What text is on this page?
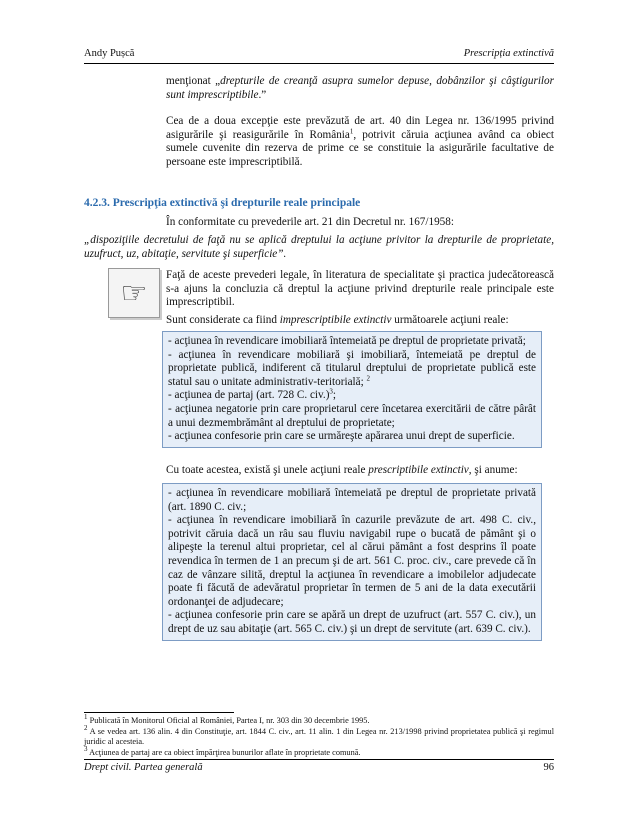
Andy Pușcă	Prescripția extinctivă

menţionat „drepturile de creanţă asupra sumelor depuse, dobânzilor şi câştigurilor sunt imprescriptibile.”

Cea de a doua excepţie este prevăzută de art. 40 din Legea nr. 136/1995 privind asigurările şi reasigurările în România$^1$, potrivit căruia acţiunea având ca obiect sumele cuvenite din rezerva de prime ce se constituie la asigurările facultative de persoane este imprescriptibilă.

4.2.3. Prescripţia extinctivă şi drepturile reale principale

În conformitate cu prevederile art. 21 din Decretul nr. 167/1958:

„dispoziţiile decretului de faţă nu se aplică dreptului la acţiune privitor la drepturile de proprietate, uzufruct, uz, abitaţie, servitute şi superficie”.

☞

Faţă de aceste prevederi legale, în literatura de specialitate şi practica judecătorească s-a ajuns la concluzia că dreptul la acţiune privind drepturile reale principale este imprescriptibil.

Sunt considerate ca fiind imprescriptibile extinctiv următoarele acţiuni reale:

- acţiunea în revendicare imobiliară întemeiată pe dreptul de proprietate privată;
- acţiunea în revendicare mobiliară şi imobiliară, întemeiată pe dreptul de proprietate publică, indiferent că titularul dreptului de proprietate publică este statul sau o unitate administrativ-teritorială; $^2$
- acţiunea de partaj (art. 728 C. civ.)$^3$;
- acţiunea negatorie prin care proprietarul cere încetarea exercitării de către pârât a unui dezmembrământ al dreptului de proprietate;
- acţiunea confesorie prin care se urmăreşte apărarea unui drept de superficie.

Cu toate acestea, există şi unele acţiuni reale prescriptibile extinctiv, şi anume:

- acţiunea în revendicare mobiliară întemeiată pe dreptul de proprietate privată (art. 1890 C. civ.;
- acţiunea în revendicare imobiliară în cazurile prevăzute de art. 498 C. civ., potrivit căruia dacă un râu sau fluviu navigabil rupe o bucată de pământ şi o alipeşte la terenul altui proprietar, cel al cărui pământ a fost desprins îl poate revendica în termen de 1 an precum şi de art. 561 C. proc. civ., care prevede că în caz de vânzare silită, dreptul la acţiunea în revendicare a imobilelor adjudecate poate fi făcută de adevăratul proprietar în termen de 5 ani de la data executării ordonanţei de adjudecare;
- acţiunea confesorie prin care se apără un drept de uzufruct (art. 557 C. civ.), un drept de uz sau abitaţie (art. 565 C. civ.) şi un drept de servitute (art. 639 C. civ.).

$^1$ Publicată în Monitorul Oficial al României, Partea I, nr. 303 din 30 decembrie 1995.

$^2$ A se vedea art. 136 alin. 4 din Constituţie, art. 1844 C. civ., art. 11 alin. 1 din Legea nr. 213/1998 privind proprietatea publică şi regimul juridic al acesteia.

$^3$ Acţiunea de partaj are ca obiect împărţirea bunurilor aflate în proprietate comună.

Drept civil. Partea generală	96
